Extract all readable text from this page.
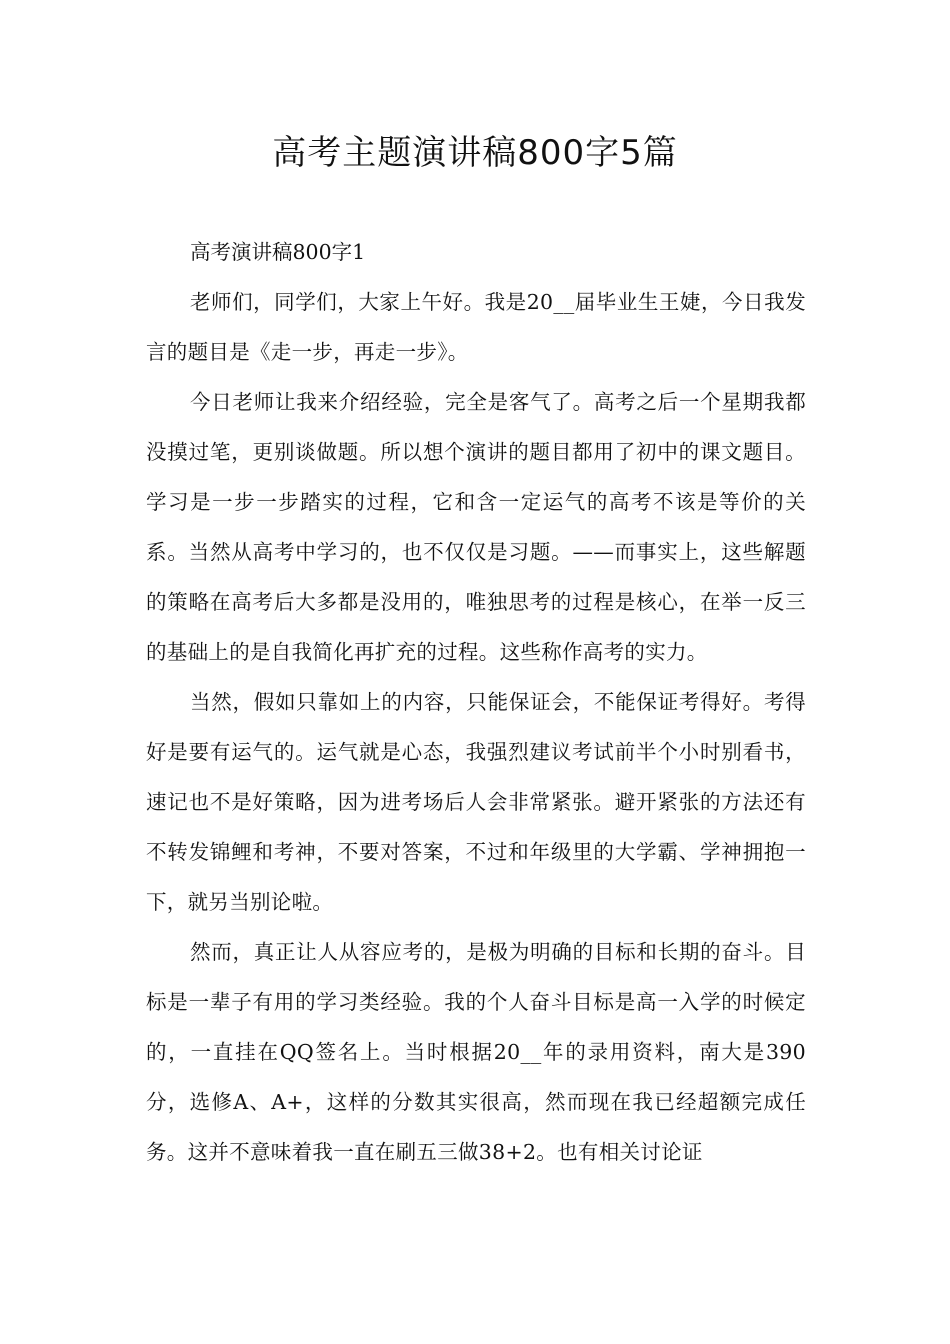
高考主题演讲稿800字5篇

高考演讲稿800字1

老师们，同学们，大家上午好。我是20__届毕业生王婕，今日我发言的题目是《走一步，再走一步》。

今日老师让我来介绍经验，完全是客气了。高考之后一个星期我都没摸过笔，更别谈做题。所以想个演讲的题目都用了初中的课文题目。学习是一步一步踏实的过程，它和含一定运气的高考不该是等价的关系。当然从高考中学习的，也不仅仅是习题。——而事实上，这些解题的策略在高考后大多都是没用的，唯独思考的过程是核心，在举一反三的基础上的是自我简化再扩充的过程。这些称作高考的实力。

当然，假如只靠如上的内容，只能保证会，不能保证考得好。考得好是要有运气的。运气就是心态，我强烈建议考试前半个小时别看书，速记也不是好策略，因为进考场后人会非常紧张。避开紧张的方法还有不转发锦鲤和考神，不要对答案，不过和年级里的大学霸、学神拥抱一下，就另当别论啦。

然而，真正让人从容应考的，是极为明确的目标和长期的奋斗。目标是一辈子有用的学习类经验。我的个人奋斗目标是高一入学的时候定的，一直挂在QQ签名上。当时根据20__年的录用资料，南大是390分，选修A、A+，这样的分数其实很高，然而现在我已经超额完成任务。这并不意味着我一直在刷五三做38+2。也有相关讨论证
